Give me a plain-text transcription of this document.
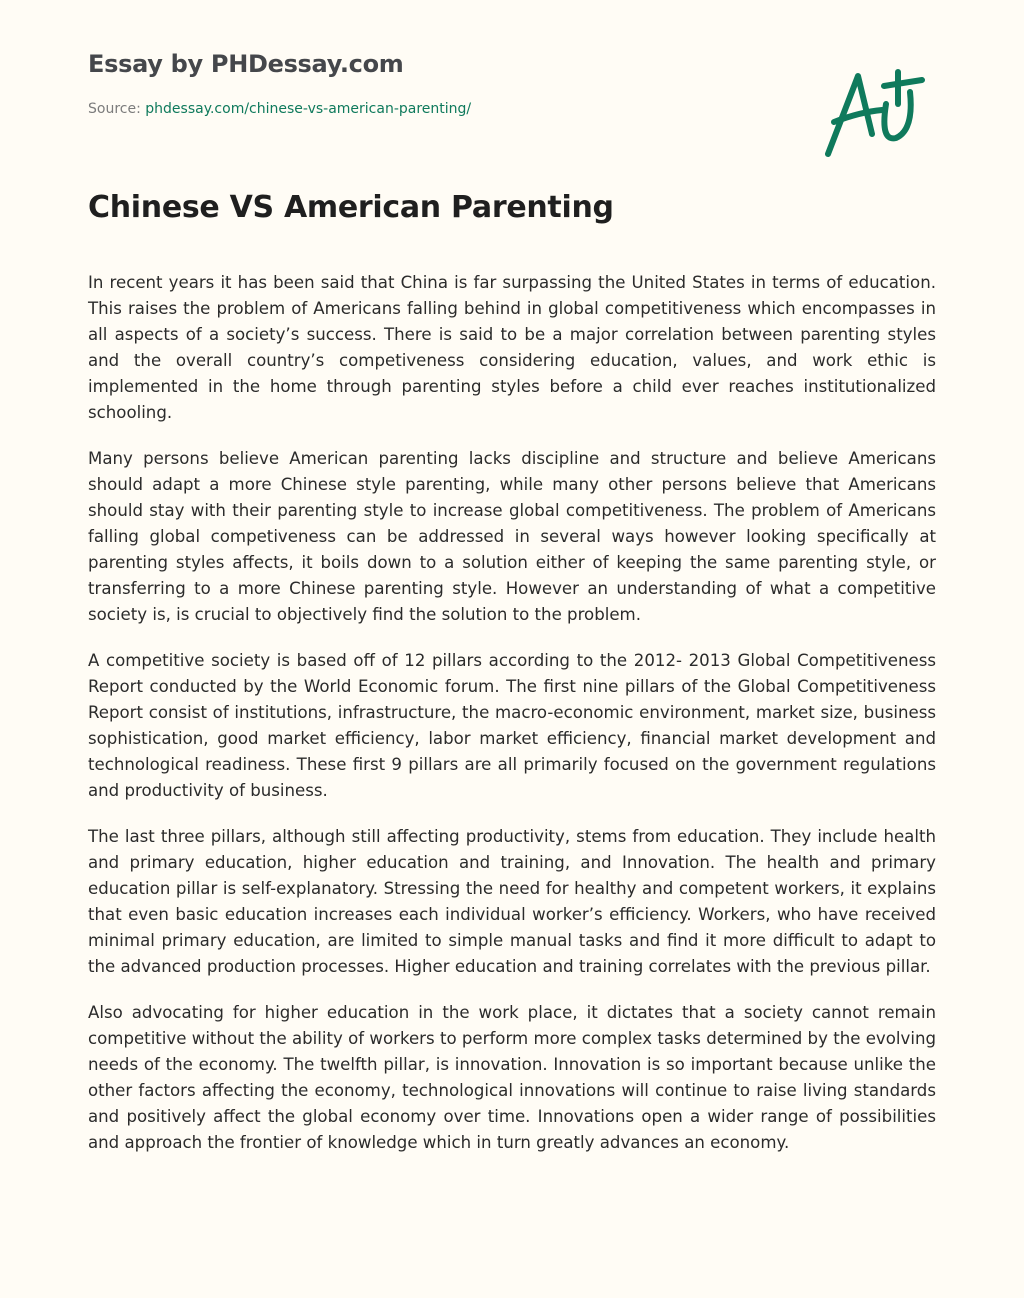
Essay by PHDessay.com
Source: phdessay.com/chinese-vs-american-parenting/
Chinese VS American Parenting

In recent years it has been said that China is far surpassing the United States in terms of education. This raises the problem of Americans falling behind in global competitiveness which encompasses in all aspects of a society’s success. There is said to be a major correlation between parenting styles and the overall country’s competiveness considering education, values, and work ethic is implemented in the home through parenting styles before a child ever reaches institutionalized schooling.

Many persons believe American parenting lacks discipline and structure and believe Americans should adapt a more Chinese style parenting, while many other persons believe that Americans should stay with their parenting style to increase global competitiveness. The problem of Americans falling global competiveness can be addressed in several ways however looking specifically at parenting styles affects, it boils down to a solution either of keeping the same parenting style, or transferring to a more Chinese parenting style. However an understanding of what a competitive society is, is crucial to objectively find the solution to the problem.

A competitive society is based off of 12 pillars according to the 2012- 2013 Global Competitiveness Report conducted by the World Economic forum. The first nine pillars of the Global Competitiveness Report consist of institutions, infrastructure, the macro-economic environment, market size, business sophistication, good market efficiency, labor market efficiency, financial market development and technological readiness. These first 9 pillars are all primarily focused on the government regulations and productivity of business.

The last three pillars, although still affecting productivity, stems from education. They include health and primary education, higher education and training, and Innovation. The health and primary education pillar is self-explanatory. Stressing the need for healthy and competent workers, it explains that even basic education increases each individual worker’s efficiency. Workers, who have received minimal primary education, are limited to simple manual tasks and find it more difficult to adapt to the advanced production processes. Higher education and training correlates with the previous pillar.

Also advocating for higher education in the work place, it dictates that a society cannot remain competitive without the ability of workers to perform more complex tasks determined by the evolving needs of the economy. The twelfth pillar, is innovation. Innovation is so important because unlike the other factors affecting the economy, technological innovations will continue to raise living standards and positively affect the global economy over time. Innovations open a wider range of possibilities and approach the frontier of knowledge which in turn greatly advances an economy.
